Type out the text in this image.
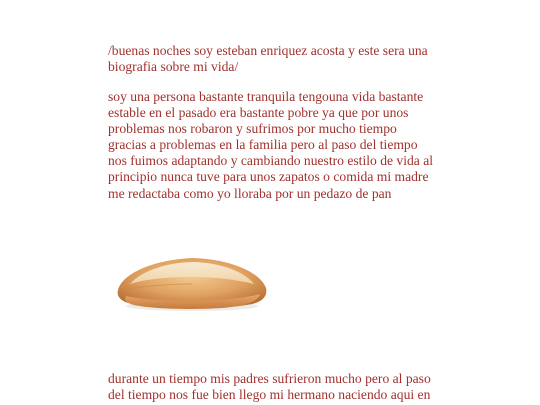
/buenas noches soy esteban enriquez acosta y este sera una
biografia sobre mi vida/
soy una persona bastante tranquila tengouna vida bastante
estable en el pasado era bastante pobre ya que por unos
problemas nos robaron y sufrimos por mucho tiempo
gracias a problemas en la familia pero al paso del tiempo
nos fuimos adaptando y cambiando nuestro estilo de vida al
principio nunca tuve para unos zapatos o comida mi madre
me redactaba como yo lloraba por un pedazo de pan
durante un tiempo mis padres sufrieron mucho pero al paso
del tiempo nos fue bien llego mi hermano naciendo aqui en
